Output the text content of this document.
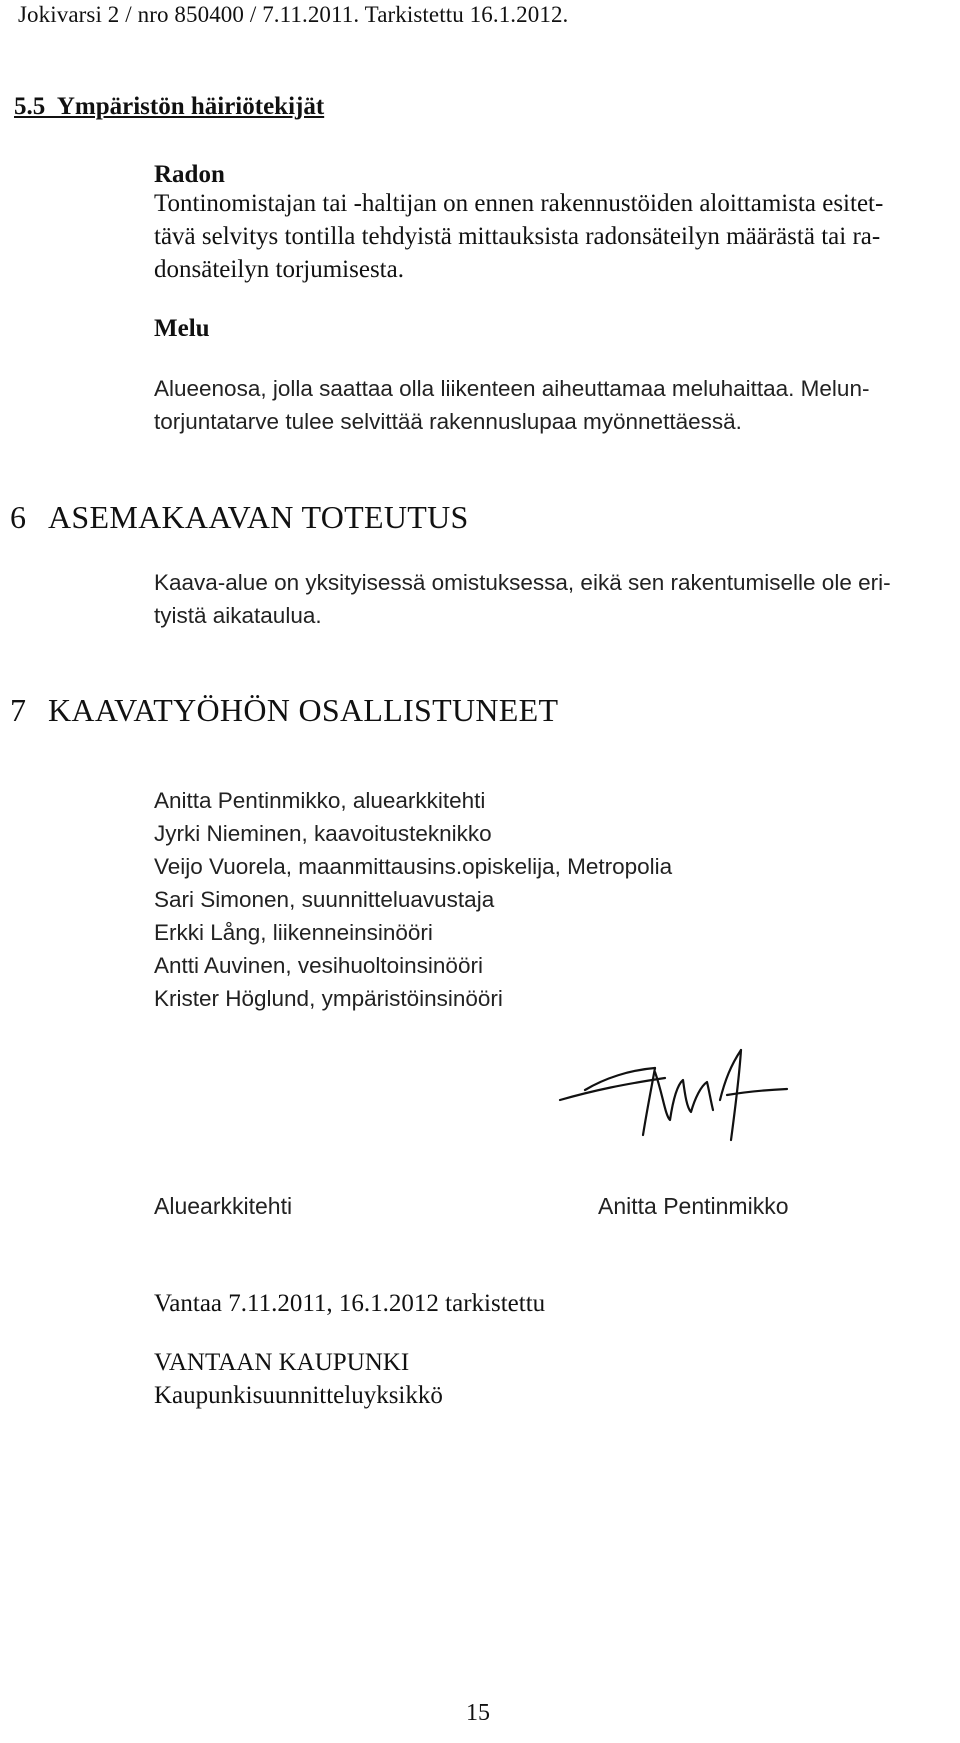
Jokivarsi 2 / nro 850400 / 7.11.2011. Tarkistettu 16.1.2012.
5.5  Ympäristön häiriötekijät
Radon
Tontinomistajan tai -haltijan on ennen rakennustöiden aloittamista esitet-
tävä selvitys tontilla tehdyistä mittauksista radonsäteilyn määrästä tai ra-
donsäteilyn torjumisesta.
Melu
Alueenosa, jolla saattaa olla liikenteen aiheuttamaa meluhaittaa. Melun-
torjuntatarve tulee selvittää rakennuslupaa myönnettäessä.
6 ASEMAKAAVAN TOTEUTUS
Kaava-alue on yksityisessä omistuksessa, eikä sen rakentumiselle ole eri-
tyistä aikataulua.
7 KAAVATYÖHÖN OSALLISTUNEET
Anitta Pentinmikko, aluearkkitehti
Jyrki Nieminen, kaavoitusteknikko
Veijo Vuorela, maanmittausins.opiskelija, Metropolia
Sari Simonen, suunnitteluavustaja
Erkki Lång, liikenneinsinööri
Antti Auvinen, vesihuoltoinsinööri
Krister Höglund, ympäristöinsinööri
Aluearkkitehti	Anitta Pentinmikko
Vantaa 7.11.2011, 16.1.2012 tarkistettu
VANTAAN KAUPUNKI
Kaupunkisuunnitteluyksikkö
15
